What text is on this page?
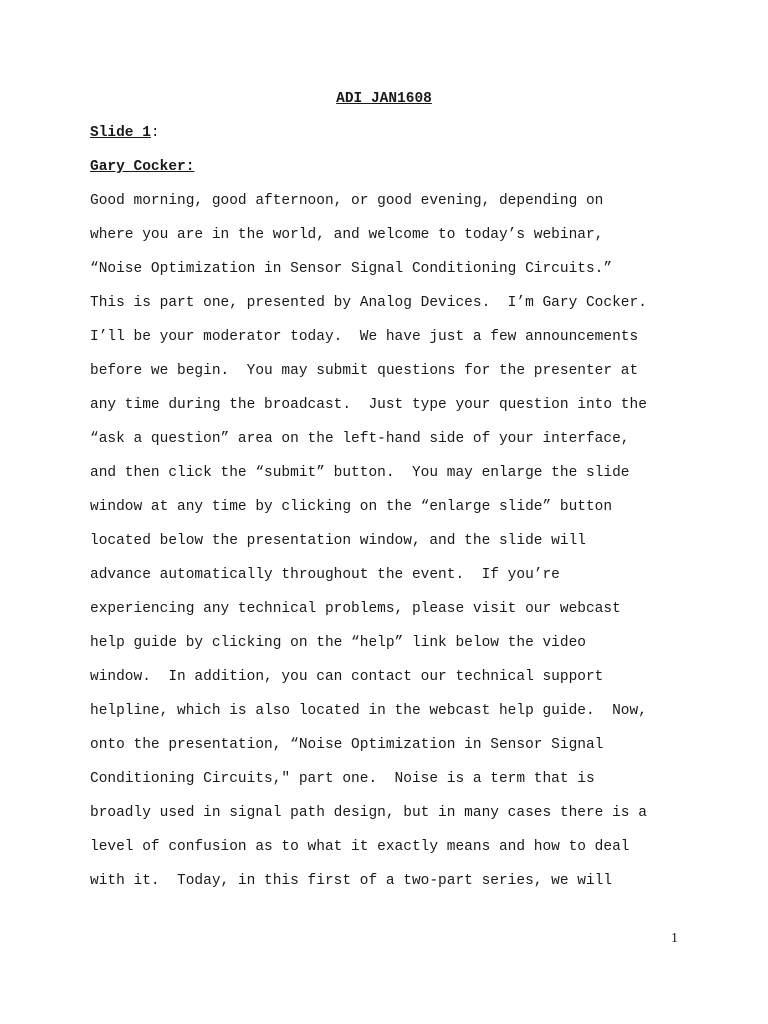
ADI JAN1608

Slide 1:

Gary Cocker:

Good morning, good afternoon, or good evening, depending on
where you are in the world, and welcome to today’s webinar,
“Noise Optimization in Sensor Signal Conditioning Circuits.”
This is part one, presented by Analog Devices.  I’m Gary Cocker.
I’ll be your moderator today.  We have just a few announcements
before we begin.  You may submit questions for the presenter at
any time during the broadcast.  Just type your question into the
“ask a question” area on the left-hand side of your interface,
and then click the “submit” button.  You may enlarge the slide
window at any time by clicking on the “enlarge slide” button
located below the presentation window, and the slide will
advance automatically throughout the event.  If you’re
experiencing any technical problems, please visit our webcast
help guide by clicking on the “help” link below the video
window.  In addition, you can contact our technical support
helpline, which is also located in the webcast help guide.  Now,
onto the presentation, “Noise Optimization in Sensor Signal
Conditioning Circuits," part one.  Noise is a term that is
broadly used in signal path design, but in many cases there is a
level of confusion as to what it exactly means and how to deal
with it.  Today, in this first of a two-part series, we will
1
